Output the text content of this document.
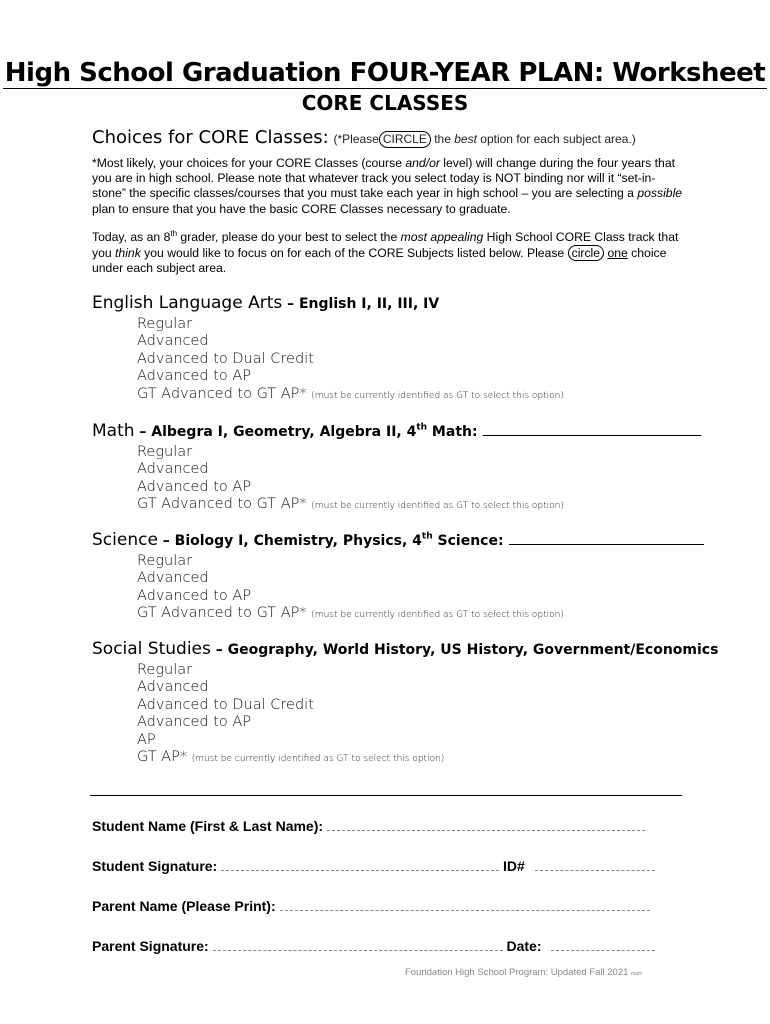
High School Graduation FOUR-YEAR PLAN: Worksheet
CORE CLASSES
Choices for CORE Classes: (*Please CIRCLE the best option for each subject area.)
*Most likely, your choices for your CORE Classes (course and/or level) will change during the four years that you are in high school. Please note that whatever track you select today is NOT binding nor will it “set-in-stone” the specific classes/courses that you must take each year in high school – you are selecting a possible plan to ensure that you have the basic CORE Classes necessary to graduate.
Today, as an 8th grader, please do your best to select the most appealing High School CORE Class track that you think you would like to focus on for each of the CORE Subjects listed below. Please circle one choice under each subject area.
English Language Arts – English I, II, III, IV
Regular
Advanced
Advanced to Dual Credit
Advanced to AP
GT Advanced to GT AP* (must be currently identified as GT to select this option)
Math – Albegra I, Geometry, Algebra II, 4th Math:
Regular
Advanced
Advanced to AP
GT Advanced to GT AP* (must be currently identified as GT to select this option)
Science – Biology I, Chemistry, Physics, 4th Science:
Regular
Advanced
Advanced to AP
GT Advanced to GT AP* (must be currently identified as GT to select this option)
Social Studies – Geography, World History, US History, Government/Economics
Regular
Advanced
Advanced to Dual Credit
Advanced to AP
AP
GT AP* (must be currently identified as GT to select this option)
Student Name (First & Last Name):
Student Signature:	ID#
Parent Name (Please Print):
Parent Signature:	Date:
Foundation High School Program: Updated Fall 2021 mam
